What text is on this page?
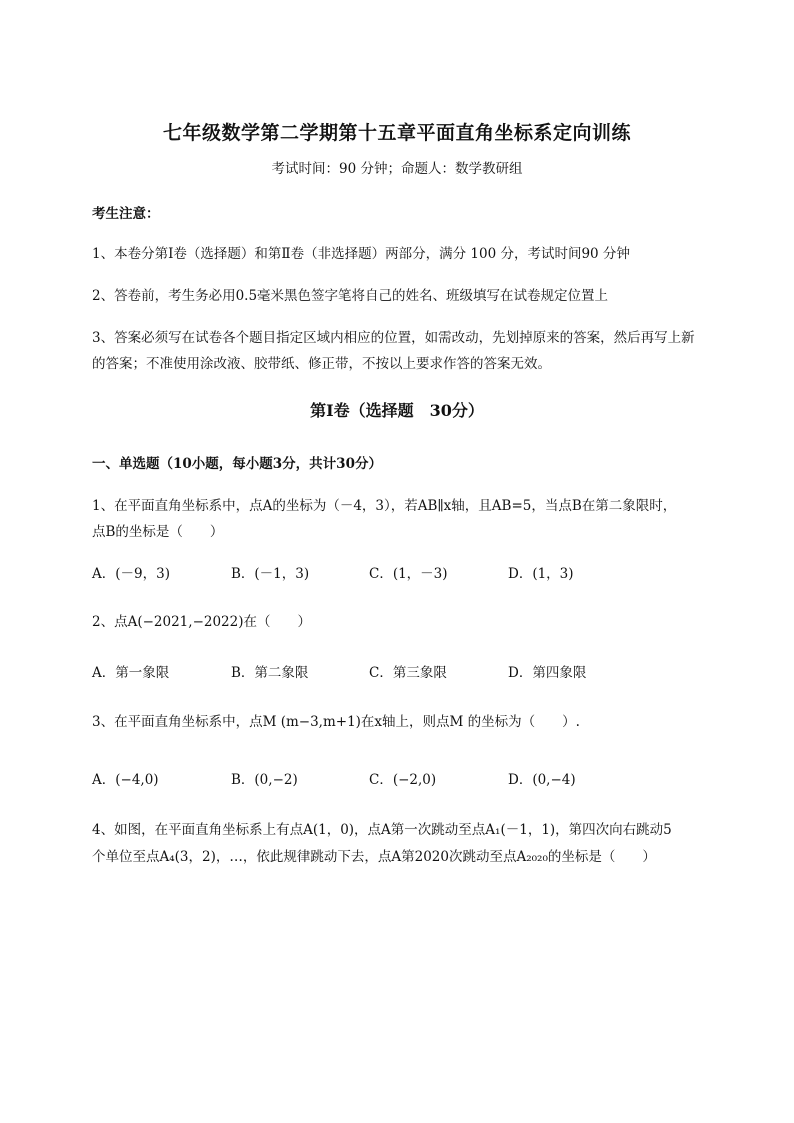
七年级数学第二学期第十五章平面直角坐标系定向训练
考试时间：90 分钟；命题人：数学教研组
考生注意：
1、本卷分第Ⅰ卷（选择题）和第Ⅱ卷（非选择题）两部分，满分 100 分，考试时间90 分钟
2、答卷前，考生务必用0.5毫米黑色签字笔将自己的姓名、班级填写在试卷规定位置上
3、答案必须写在试卷各个题目指定区域内相应的位置，如需改动，先划掉原来的答案，然后再写上新
的答案；不准使用涂改液、胶带纸、修正带，不按以上要求作答的答案无效。
第Ⅰ卷（选择题　30分）
一、单选题（10小题，每小题3分，共计30分）
1、在平面直角坐标系中，点A的坐标为（－4，3），若AB∥x轴，且AB=5，当点B在第二象限时，
点B的坐标是（　　）
A．(－9，3)	B．(－1，3)	C．(1，－3)	D．(1，3)
2、点A(−2021,−2022)在（　　）
A．第一象限	B．第二象限	C．第三象限	D．第四象限
3、在平面直角坐标系中，点M (m−3,m+1)在x轴上，则点M 的坐标为（　　）.
A．(−4,0)	B．(0,−2)	C．(−2,0)	D．(0,−4)
4、如图，在平面直角坐标系上有点A(1，0)，点A第一次跳动至点A₁(－1，1)，第四次向右跳动5
个单位至点A₄(3，2)，…，依此规律跳动下去，点A第2020次跳动至点A₂₀₂₀的坐标是（　　）
